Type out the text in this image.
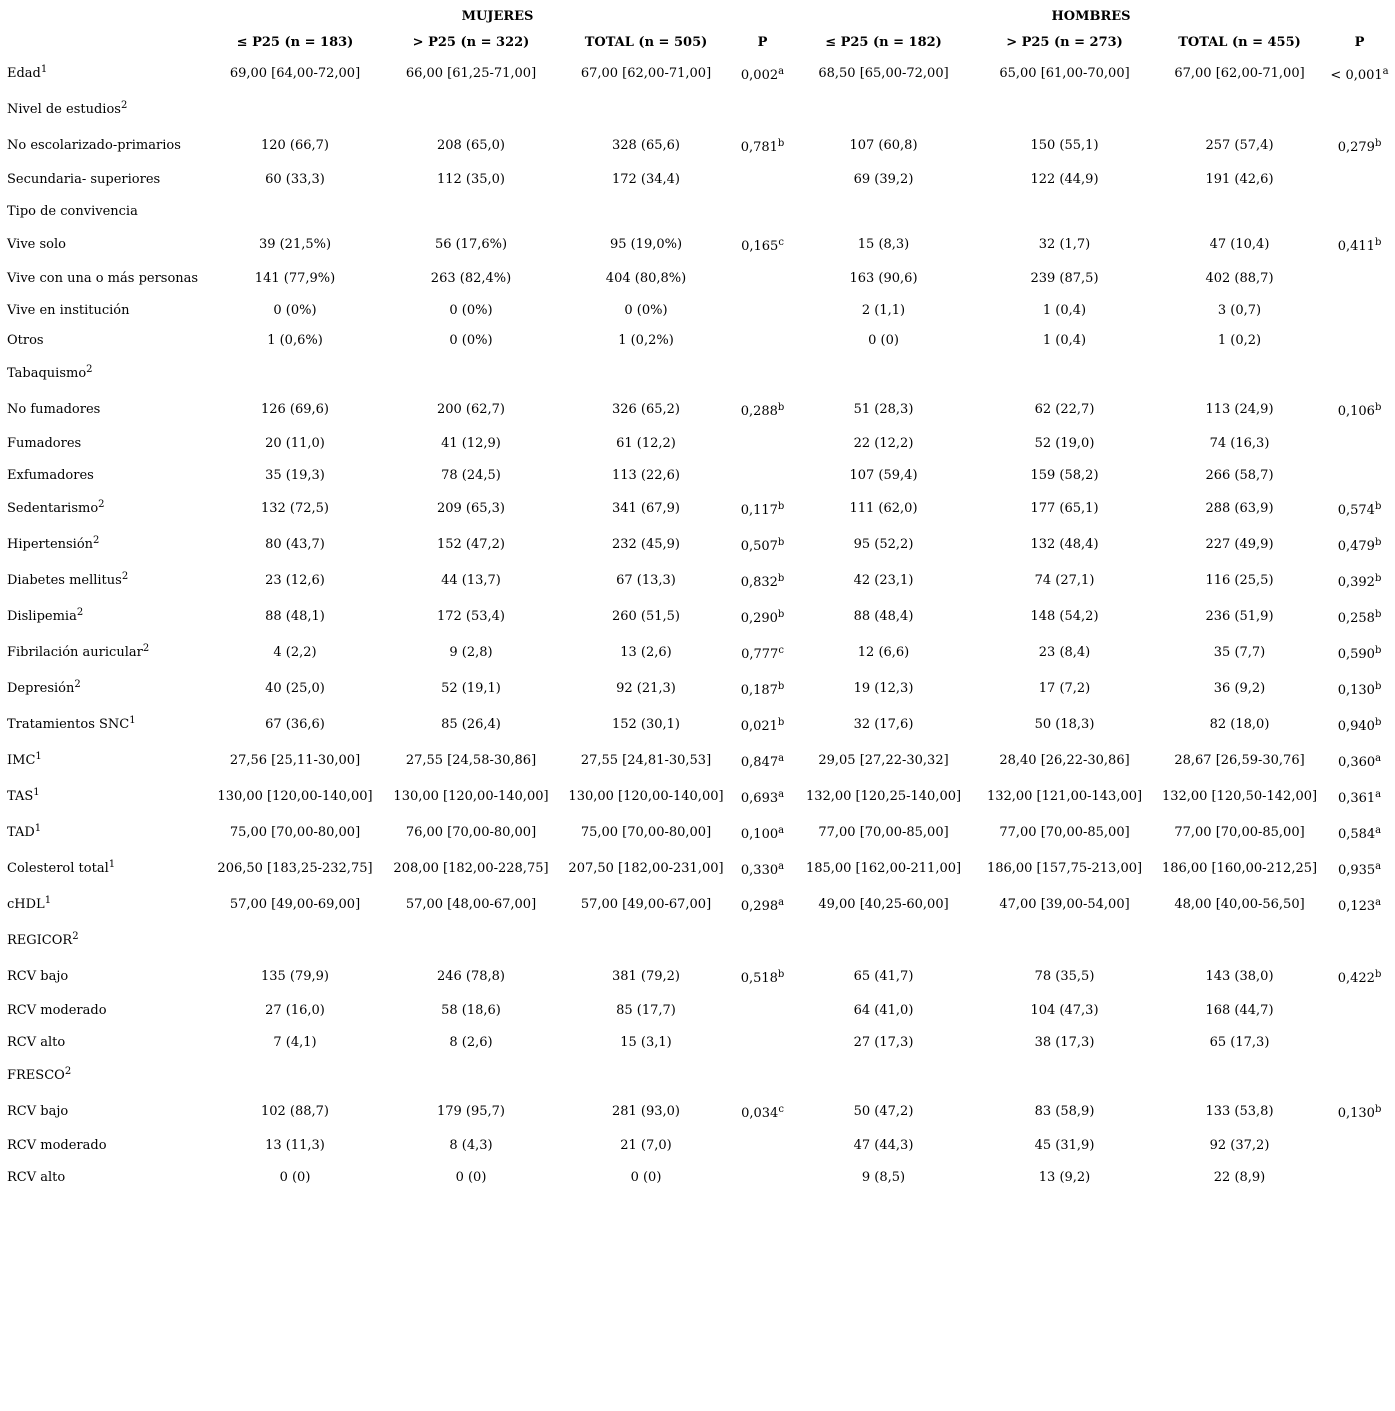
	MUJERES				HOMBRES			
	≤ P25 (n = 183)	> P25 (n = 322)	TOTAL (n = 505)	P	≤ P25 (n = 182)	> P25 (n = 273)	TOTAL (n = 455)	P
Edad$^1$	69,00 [64,00-72,00]	66,00 [61,25-71,00]	67,00 [62,00-71,00]	0,002$^a$	68,50 [65,00-72,00]	65,00 [61,00-70,00]	67,00 [62,00-71,00]	< 0,001$^a$
Nivel de estudios$^2$								
No escolarizado-primarios	120 (66,7)	208 (65,0)	328 (65,6)	0,781$^b$	107 (60,8)	150 (55,1)	257 (57,4)	0,279$^b$
Secundaria- superiores	60 (33,3)	112 (35,0)	172 (34,4)		69 (39,2)	122 (44,9)	191 (42,6)	
Tipo de convivencia								
Vive solo	39 (21,5%)	56 (17,6%)	95 (19,0%)	0,165$^c$	15 (8,3)	32 (1,7)	47 (10,4)	0,411$^b$
Vive con una o más personas	141 (77,9%)	263 (82,4%)	404 (80,8%)		163 (90,6)	239 (87,5)	402 (88,7)	
Vive en institución	0 (0%)	0 (0%)	0 (0%)		2 (1,1)	1 (0,4)	3 (0,7)	
Otros	1 (0,6%)	0 (0%)	1 (0,2%)		0 (0)	1 (0,4)	1 (0,2)	
Tabaquismo$^2$								
No fumadores	126 (69,6)	200 (62,7)	326 (65,2)	0,288$^b$	51 (28,3)	62 (22,7)	113 (24,9)	0,106$^b$
Fumadores	20 (11,0)	41 (12,9)	61 (12,2)		22 (12,2)	52 (19,0)	74 (16,3)	
Exfumadores	35 (19,3)	78 (24,5)	113 (22,6)		107 (59,4)	159 (58,2)	266 (58,7)	
Sedentarismo$^2$	132 (72,5)	209 (65,3)	341 (67,9)	0,117$^b$	111 (62,0)	177 (65,1)	288 (63,9)	0,574$^b$
Hipertensión$^2$	80 (43,7)	152 (47,2)	232 (45,9)	0,507$^b$	95 (52,2)	132 (48,4)	227 (49,9)	0,479$^b$
Diabetes mellitus$^2$	23 (12,6)	44 (13,7)	67 (13,3)	0,832$^b$	42 (23,1)	74 (27,1)	116 (25,5)	0,392$^b$
Dislipemia$^2$	88 (48,1)	172 (53,4)	260 (51,5)	0,290$^b$	88 (48,4)	148 (54,2)	236 (51,9)	0,258$^b$
Fibrilación auricular$^2$	4 (2,2)	9 (2,8)	13 (2,6)	0,777$^c$	12 (6,6)	23 (8,4)	35 (7,7)	0,590$^b$
Depresión$^2$	40 (25,0)	52 (19,1)	92 (21,3)	0,187$^b$	19 (12,3)	17 (7,2)	36 (9,2)	0,130$^b$
Tratamientos SNC$^1$	67 (36,6)	85 (26,4)	152 (30,1)	0,021$^b$	32 (17,6)	50 (18,3)	82 (18,0)	0,940$^b$
IMC$^1$	27,56 [25,11-30,00]	27,55 [24,58-30,86]	27,55 [24,81-30,53]	0,847$^a$	29,05 [27,22-30,32]	28,40 [26,22-30,86]	28,67 [26,59-30,76]	0,360$^a$
TAS$^1$	130,00 [120,00-140,00]	130,00 [120,00-140,00]	130,00 [120,00-140,00]	0,693$^a$	132,00 [120,25-140,00]	132,00 [121,00-143,00]	132,00 [120,50-142,00]	0,361$^a$
TAD$^1$	75,00 [70,00-80,00]	76,00 [70,00-80,00]	75,00 [70,00-80,00]	0,100$^a$	77,00 [70,00-85,00]	77,00 [70,00-85,00]	77,00 [70,00-85,00]	0,584$^a$
Colesterol total$^1$	206,50 [183,25-232,75]	208,00 [182,00-228,75]	207,50 [182,00-231,00]	0,330$^a$	185,00 [162,00-211,00]	186,00 [157,75-213,00]	186,00 [160,00-212,25]	0,935$^a$
cHDL$^1$	57,00 [49,00-69,00]	57,00 [48,00-67,00]	57,00 [49,00-67,00]	0,298$^a$	49,00 [40,25-60,00]	47,00 [39,00-54,00]	48,00 [40,00-56,50]	0,123$^a$
REGICOR$^2$								
RCV bajo	135 (79,9)	246 (78,8)	381 (79,2)	0,518$^b$	65 (41,7)	78 (35,5)	143 (38,0)	0,422$^b$
RCV moderado	27 (16,0)	58 (18,6)	85 (17,7)		64 (41,0)	104 (47,3)	168 (44,7)	
RCV alto	7 (4,1)	8 (2,6)	15 (3,1)		27 (17,3)	38 (17,3)	65 (17,3)	
FRESCO$^2$								
RCV bajo	102 (88,7)	179 (95,7)	281 (93,0)	0,034$^c$	50 (47,2)	83 (58,9)	133 (53,8)	0,130$^b$
RCV moderado	13 (11,3)	8 (4,3)	21 (7,0)		47 (44,3)	45 (31,9)	92 (37,2)	
RCV alto	0 (0)	0 (0)	0 (0)		9 (8,5)	13 (9,2)	22 (8,9)	
